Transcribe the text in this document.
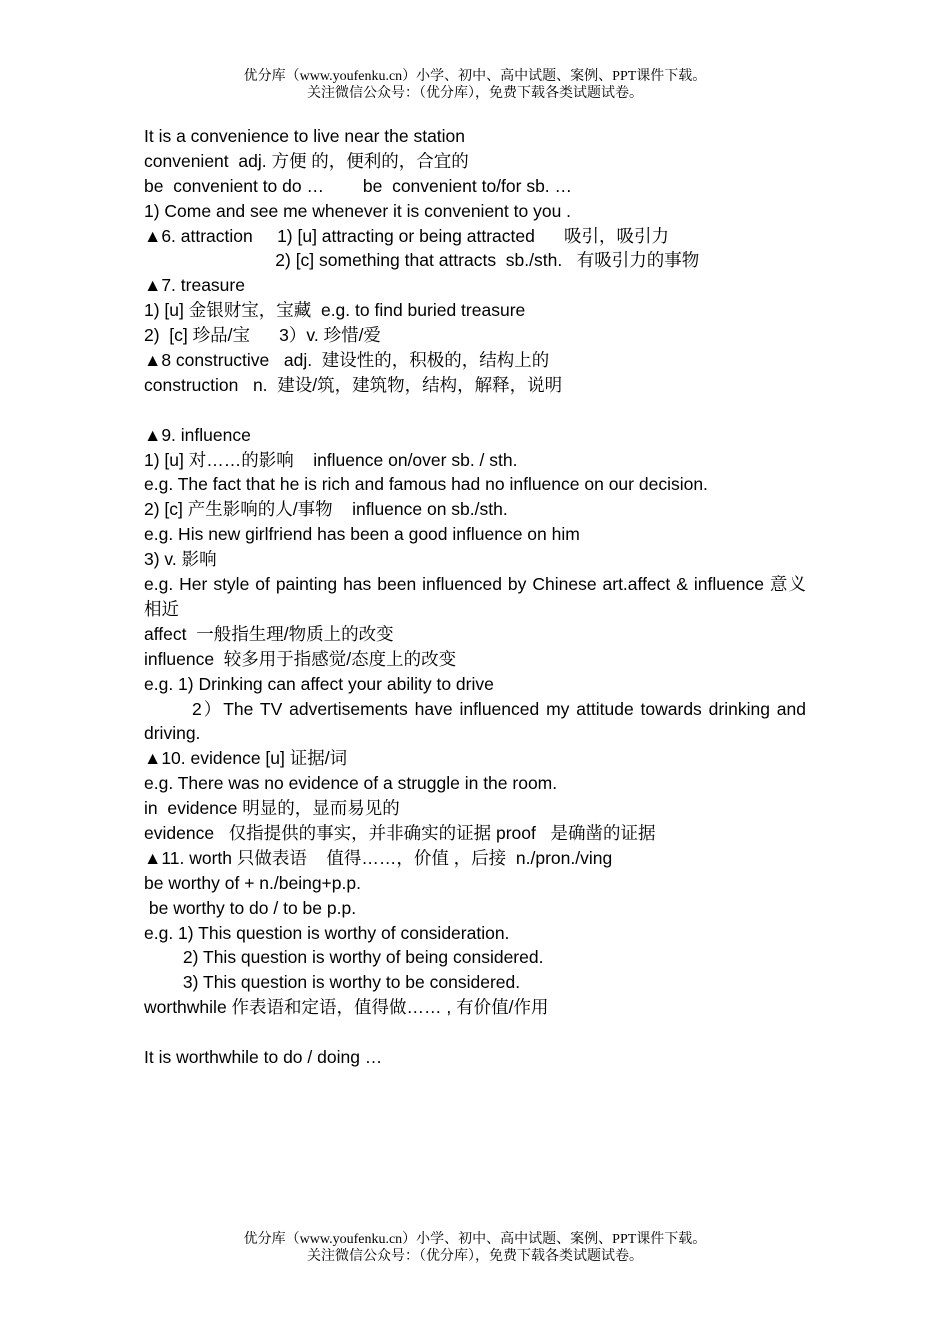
优分库（www.youfenku.cn）小学、初中、高中试题、案例、PPT课件下载。
关注微信公众号：（优分库），免费下载各类试题试卷。
It is a convenience to live near the station
convenient  adj. 方便 的，便利的，合宜的
be  convenient to do …        be  convenient to/for sb. …
1) Come and see me whenever it is convenient to you .
▲6. attraction     1) [u] attracting or being attracted      吸引，吸引力
2) [c] something that attracts  sb./sth.   有吸引力的事物
▲7. treasure
1) [u] 金银财宝，宝藏  e.g. to find buried treasure
2)  [c] 珍品/宝      3）v. 珍惜/爱
▲8 constructive   adj.  建设性的，积极的，结构上的
construction   n.  建设/筑，建筑物，结构，解释，说明
▲9. influence
1) [u] 对……的影响    influence on/over sb. / sth.
e.g. The fact that he is rich and famous had no influence on our decision.
2) [c] 产生影响的人/事物    influence on sb./sth.
e.g. His new girlfriend has been a good influence on him
3) v. 影响
e.g. Her style of painting has been influenced by Chinese art.affect & influence 意义相近
affect  一般指生理/物质上的改变
influence  较多用于指感觉/态度上的改变
e.g. 1) Drinking can affect your ability to drive
2）The TV advertisements have influenced my attitude towards drinking and driving.
▲10. evidence [u] 证据/词
e.g. There was no evidence of a struggle in the room.
in  evidence 明显的，显而易见的
evidence   仅指提供的事实，并非确实的证据 proof   是确凿的证据
▲11. worth 只做表语    值得……，价值 ，后接  n./pron./ving
be worthy of + n./being+p.p.
be worthy to do / to be p.p.
e.g. 1) This question is worthy of consideration.
2) This question is worthy of being considered.
3) This question is worthy to be considered.
worthwhile 作表语和定语，值得做…… , 有价值/作用
It is worthwhile to do / doing …
优分库（www.youfenku.cn）小学、初中、高中试题、案例、PPT课件下载。
关注微信公众号：（优分库），免费下载各类试题试卷。
